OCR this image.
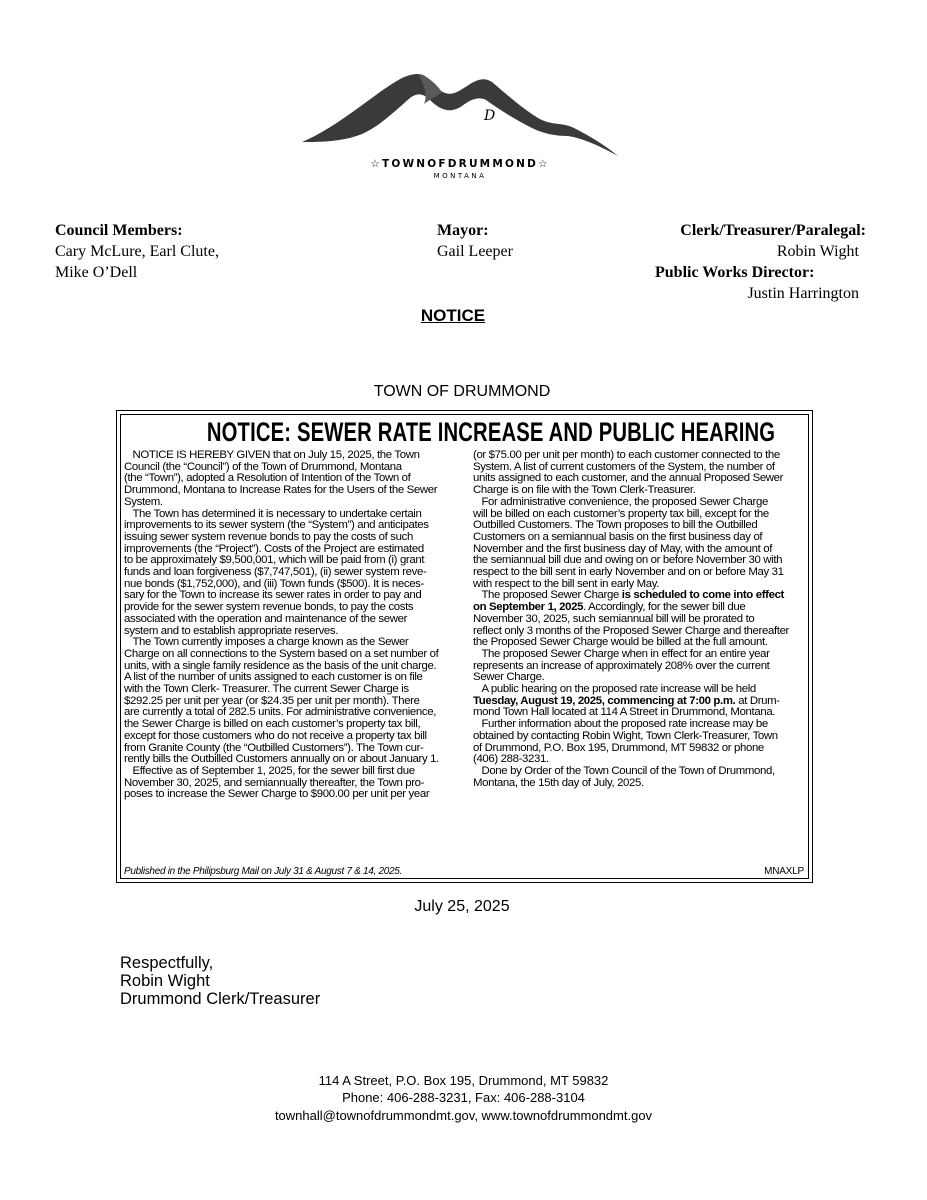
D
☆TOWNOFDRUMMOND☆
MONTANA
Council Members:
Cary McLure, Earl Clute,
Mike O’Dell
Mayor:
Gail Leeper
Clerk/Treasurer/Paralegal:
Robin Wight
Public Works Director:
Justin Harrington
NOTICE
TOWN OF DRUMMOND
NOTICE: SEWER RATE INCREASE AND PUBLIC HEARING

NOTICE IS HEREBY GIVEN that on July 15, 2025, the Town

Council (the “Council”) of the Town of Drummond, Montana

(the “Town”), adopted a Resolution of Intention of the Town of

Drummond, Montana to Increase Rates for the Users of the Sewer

System.

The Town has determined it is necessary to undertake certain

improvements to its sewer system (the “System”) and anticipates

issuing sewer system revenue bonds to pay the costs of such

improvements (the “Project”). Costs of the Project are estimated

to be approximately $9,500,001, which will be paid from (i) grant

funds and loan forgiveness ($7,747,501), (ii) sewer system reve-

nue bonds ($1,752,000), and (iii) Town funds ($500). It is neces-

sary for the Town to increase its sewer rates in order to pay and

provide for the sewer system revenue bonds, to pay the costs

associated with the operation and maintenance of the sewer

system and to establish appropriate reserves.

The Town currently imposes a charge known as the Sewer

Charge on all connections to the System based on a set number of

units, with a single family residence as the basis of the unit charge.

A list of the number of units assigned to each customer is on file

with the Town Clerk- Treasurer. The current Sewer Charge is

$292.25 per unit per year (or $24.35 per unit per month). There

are currently a total of 282.5 units. For administrative convenience,

the Sewer Charge is billed on each customer’s property tax bill,

except for those customers who do not receive a property tax bill

from Granite County (the “Outbilled Customers”). The Town cur-

rently bills the Outbilled Customers annually on or about January 1.

Effective as of September 1, 2025, for the sewer bill first due

November 30, 2025, and semiannually thereafter, the Town pro-

poses to increase the Sewer Charge to $900.00 per unit per year

(or $75.00 per unit per month) to each customer connected to the

System. A list of current customers of the System, the number of

units assigned to each customer, and the annual Proposed Sewer

Charge is on file with the Town Clerk-Treasurer.

For administrative convenience, the proposed Sewer Charge

will be billed on each customer’s property tax bill, except for the

Outbilled Customers. The Town proposes to bill the Outbilled

Customers on a semiannual basis on the first business day of

November and the first business day of May, with the amount of

the semiannual bill due and owing on or before November 30 with

respect to the bill sent in early November and on or before May 31

with respect to the bill sent in early May.

The proposed Sewer Charge is scheduled to come into effect

on September 1, 2025. Accordingly, for the sewer bill due

November 30, 2025, such semiannual bill will be prorated to

reflect only 3 months of the Proposed Sewer Charge and thereafter

the Proposed Sewer Charge would be billed at the full amount.

The proposed Sewer Charge when in effect for an entire year

represents an increase of approximately 208% over the current

Sewer Charge.

A public hearing on the proposed rate increase will be held

Tuesday, August 19, 2025, commencing at 7:00 p.m. at Drum-

mond Town Hall located at 114 A Street in Drummond, Montana.

Further information about the proposed rate increase may be

obtained by contacting Robin Wight, Town Clerk-Treasurer, Town

of Drummond, P.O. Box 195, Drummond, MT 59832 or phone

(406) 288-3231.

Done by Order of the Town Council of the Town of Drummond,

Montana, the 15th day of July, 2025.

Published in the Philipsburg Mail on July 31 & August 7 & 14, 2025.	MNAXLP
July 25, 2025
Respectfully,
Robin Wight
Drummond Clerk/Treasurer
114 A Street, P.O. Box 195, Drummond, MT 59832
Phone: 406-288-3231, Fax: 406-288-3104
townhall@townofdrummondmt.gov, www.townofdrummondmt.gov
